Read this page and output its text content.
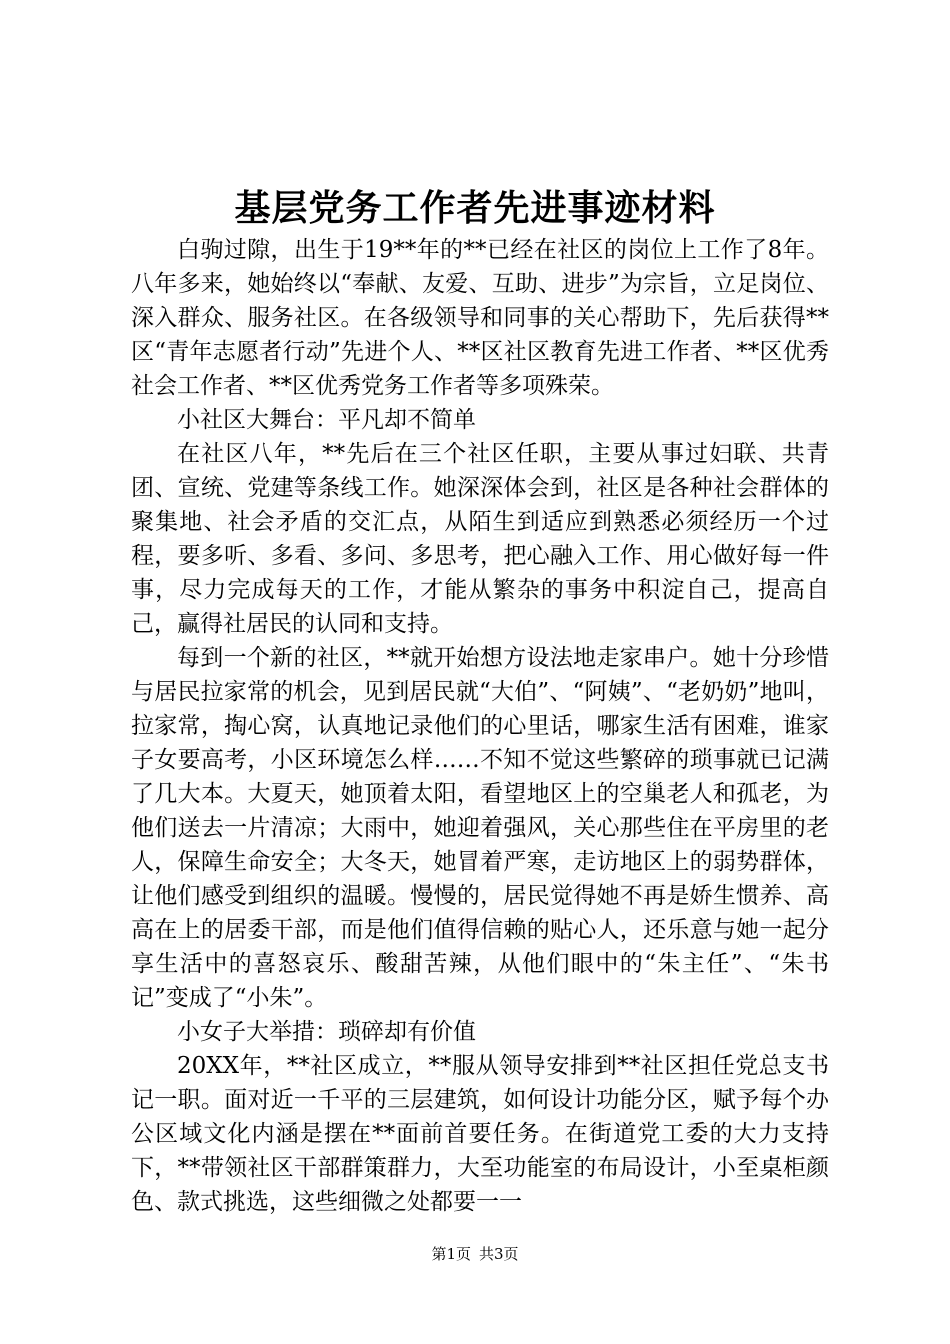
基层党务工作者先进事迹材料

白驹过隙，出生于19**年的**已经在社区的岗位上工作了8年。八年多来，她始终以“奉献、友爱、互助、进步”为宗旨，立足岗位、深入群众、服务社区。在各级领导和同事的关心帮助下，先后获得**区“青年志愿者行动”先进个人、**区社区教育先进工作者、**区优秀社会工作者、**区优秀党务工作者等多项殊荣。

小社区大舞台：平凡却不简单

在社区八年，**先后在三个社区任职，主要从事过妇联、共青团、宣统、党建等条线工作。她深深体会到，社区是各种社会群体的聚集地、社会矛盾的交汇点，从陌生到适应到熟悉必须经历一个过程，要多听、多看、多问、多思考，把心融入工作、用心做好每一件事，尽力完成每天的工作，才能从繁杂的事务中积淀自己，提高自己，赢得社居民的认同和支持。

每到一个新的社区，**就开始想方设法地走家串户。她十分珍惜与居民拉家常的机会，见到居民就“大伯”、“阿姨”、“老奶奶”地叫，拉家常，掏心窝，认真地记录他们的心里话，哪家生活有困难，谁家子女要高考，小区环境怎么样……不知不觉这些繁碎的琐事就已记满了几大本。大夏天，她顶着太阳，看望地区上的空巢老人和孤老，为他们送去一片清凉；大雨中，她迎着强风，关心那些住在平房里的老人，保障生命安全；大冬天，她冒着严寒，走访地区上的弱势群体，让他们感受到组织的温暖。慢慢的，居民觉得她不再是娇生惯养、高高在上的居委干部，而是他们值得信赖的贴心人，还乐意与她一起分享生活中的喜怒哀乐、酸甜苦辣，从他们眼中的“朱主任”、“朱书记”变成了“小朱”。

小女子大举措：琐碎却有价值

20XX年，**社区成立，**服从领导安排到**社区担任党总支书记一职。面对近一千平的三层建筑，如何设计功能分区，赋予每个办公区域文化内涵是摆在**面前首要任务。在街道党工委的大力支持下，**带领社区干部群策群力，大至功能室的布局设计，小至桌柜颜色、款式挑选，这些细微之处都要一一

第1页 共3页
